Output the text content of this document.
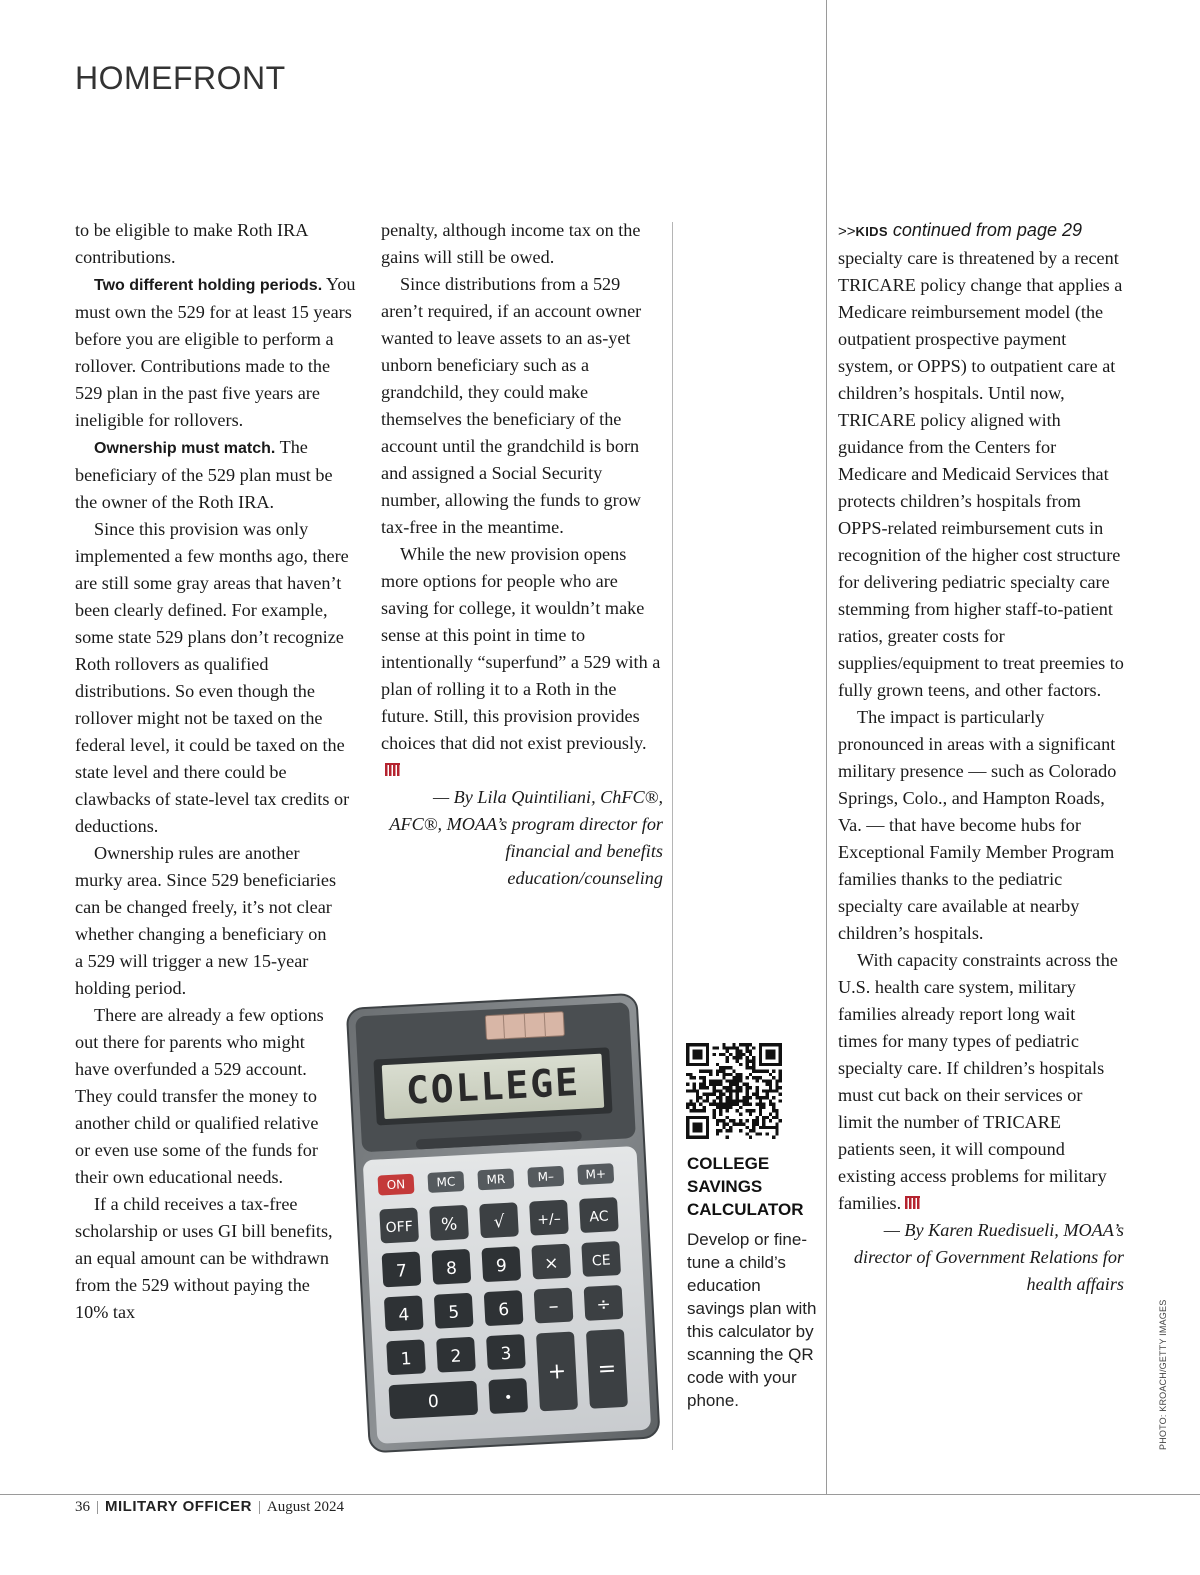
HOMEFRONT

to be eligible to make Roth IRA contributions.

Two different holding periods. You must own the 529 for at least 15 years before you are eligible to perform a rollover. Contributions made to the 529 plan in the past five years are ineligible for rollovers.

Ownership must match. The beneficiary of the 529 plan must be the owner of the Roth IRA.

Since this provision was only implemented a few months ago, there are still some gray areas that haven’t been clearly defined. For example, some state 529 plans don’t recognize Roth rollovers as qualified distributions. So even though the rollover might not be taxed on the federal level, it could be taxed on the state level and there could be clawbacks of state-level tax credits or deductions.

Ownership rules are another murky area. Since 529 beneficiaries can be changed freely, it’s not clear whether changing a beneficiary on a 529 will trigger a new 15-year holding period.

There are already a few options out there for parents who might have overfunded a 529 account. They could transfer the money to another child or qualified relative or even use some of the funds for their own educational needs.

If a child receives a tax-free scholarship or uses GI bill benefits, an equal amount can be withdrawn from the 529 without paying the 10% tax

penalty, although income tax on the gains will still be owed.

Since distributions from a 529 aren’t required, if an account owner wanted to leave assets to an as-yet unborn beneficiary such as a grandchild, they could make themselves the beneficiary of the account until the grandchild is born and assigned a Social Security number, allowing the funds to grow tax-free in the meantime.

While the new provision opens more options for people who are saving for college, it wouldn’t make sense at this point in time to intentionally “superfund” a 529 with a plan of rolling it to a Roth in the future. Still, this provision provides choices that did not exist previously.

— By Lila Quintiliani, ChFC®, AFC®, MOAA’s program director for financial and benefits education/counseling

COLLEGE
ON	MC	MR	M–	M+
OFF % √ +/– AC
7 8 9 × CE
4 5 6 – ÷
1 2 3
+ =
0	•

COLLEGE SAVINGS CALCULATOR

Develop or fine-tune a child’s education savings plan with this calculator by scanning the QR code with your phone.

>>KIDS continued from page 29

specialty care is threatened by a recent TRICARE policy change that applies a Medicare reimbursement model (the outpatient prospective payment system, or OPPS) to outpatient care at children’s hospitals. Until now, TRICARE policy aligned with guidance from the Centers for Medicare and Medicaid Services that protects children’s hospitals from OPPS-related reimbursement cuts in recognition of the higher cost structure for delivering pediatric specialty care stemming from higher staff-to-patient ratios, greater costs for supplies/equipment to treat preemies to fully grown teens, and other factors.

The impact is particularly pronounced in areas with a significant military presence — such as Colorado Springs, Colo., and Hampton Roads, Va. — that have become hubs for Exceptional Family Member Program families thanks to the pediatric specialty care available at nearby children’s hospitals.

With capacity constraints across the U.S. health care system, military families already report long wait times for many types of pediatric specialty care. If children’s hospitals must cut back on their services or limit the number of TRICARE patients seen, it will compound existing access problems for military families.

— By Karen Ruedisueli, MOAA’s director of Government Relations for health affairs

PHOTO: KROACH/GETTY IMAGES
36 | MILITARY OFFICER | August 2024
